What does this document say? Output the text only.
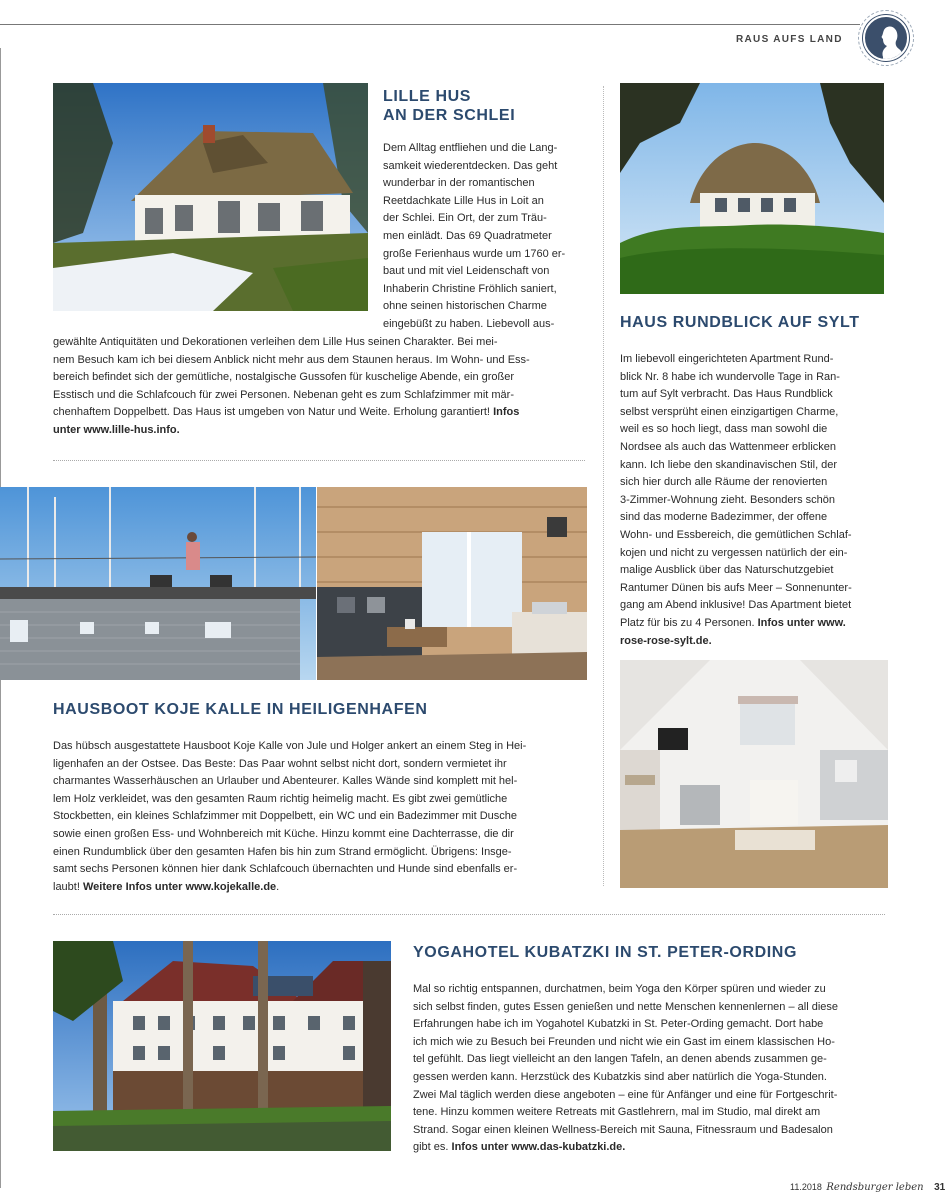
RAUS AUFS LAND
LILLE HUS
AN DER SCHLEI
Dem Alltag entfliehen und die Lang-
samkeit wiederentdecken. Das geht
wunderbar in der romantischen
Reetdachkate Lille Hus in Loit an
der Schlei. Ein Ort, der zum Träu-
men einlädt. Das 69 Quadratmeter
große Ferienhaus wurde um 1760 er-
baut und mit viel Leidenschaft von
Inhaberin Christine Fröhlich saniert,
ohne seinen historischen Charme
eingebüßt zu haben. Liebevoll aus-
gewählte Antiquitäten und Dekorationen verleihen dem Lille Hus seinen Charakter. Bei mei-
nem Besuch kam ich bei diesem Anblick nicht mehr aus dem Staunen heraus. Im Wohn- und Ess-
bereich befindet sich der gemütliche, nostalgische Gussofen für kuschelige Abende, ein großer
Esstisch und die Schlafcouch für zwei Personen. Nebenan geht es zum Schlafzimmer mit mär-
chenhaftem Doppelbett. Das Haus ist umgeben von Natur und Weite. Erholung garantiert! Infos
unter www.lille-hus.info.
HAUS RUNDBLICK AUF SYLT
Im liebevoll eingerichteten Apartment Rund-
blick Nr. 8 habe ich wundervolle Tage in Ran-
tum auf Sylt verbracht. Das Haus Rundblick
selbst versprüht einen einzigartigen Charme,
weil es so hoch liegt, dass man sowohl die
Nordsee als auch das Wattenmeer erblicken
kann. Ich liebe den skandinavischen Stil, der
sich hier durch alle Räume der renovierten
3-Zimmer-Wohnung zieht. Besonders schön
sind das moderne Badezimmer, der offene
Wohn- und Essbereich, die gemütlichen Schlaf-
kojen und nicht zu vergessen natürlich der ein-
malige Ausblick über das Naturschutzgebiet
Rantumer Dünen bis aufs Meer – Sonnenunter-
gang am Abend inklusive! Das Apartment bietet
Platz für bis zu 4 Personen. Infos unter www.
rose-rose-sylt.de.
HAUSBOOT KOJE KALLE IN HEILIGENHAFEN
Das hübsch ausgestattete Hausboot Koje Kalle von Jule und Holger ankert an einem Steg in Hei-
ligenhafen an der Ostsee. Das Beste: Das Paar wohnt selbst nicht dort, sondern vermietet ihr
charmantes Wasserhäuschen an Urlauber und Abenteurer. Kalles Wände sind komplett mit hel-
lem Holz verkleidet, was den gesamten Raum richtig heimelig macht. Es gibt zwei gemütliche
Stockbetten, ein kleines Schlafzimmer mit Doppelbett, ein WC und ein Badezimmer mit Dusche
sowie einen großen Ess- und Wohnbereich mit Küche. Hinzu kommt eine Dachterrasse, die dir
einen Rundumblick über den gesamten Hafen bis hin zum Strand ermöglicht. Übrigens: Insge-
samt sechs Personen können hier dank Schlafcouch übernachten und Hunde sind ebenfalls er-
laubt! Weitere Infos unter www.kojekalle.de.
YOGAHOTEL KUBATZKI IN ST. PETER-ORDING
Mal so richtig entspannen, durchatmen, beim Yoga den Körper spüren und wieder zu
sich selbst finden, gutes Essen genießen und nette Menschen kennenlernen – all diese
Erfahrungen habe ich im Yogahotel Kubatzki in St. Peter-Ording gemacht. Dort habe
ich mich wie zu Besuch bei Freunden und nicht wie ein Gast im einem klassischen Ho-
tel gefühlt. Das liegt vielleicht an den langen Tafeln, an denen abends zusammen ge-
gessen werden kann. Herzstück des Kubatzkis sind aber natürlich die Yoga-Stunden.
Zwei Mal täglich werden diese angeboten – eine für Anfänger und eine für Fortgeschrit-
tene. Hinzu kommen weitere Retreats mit Gastlehrern, mal im Studio, mal direkt am
Strand. Sogar einen kleinen Wellness-Bereich mit Sauna, Fitnessraum und Badesalon
gibt es. Infos unter www.das-kubatzki.de.
11.2018 Rendsburger leben 31
